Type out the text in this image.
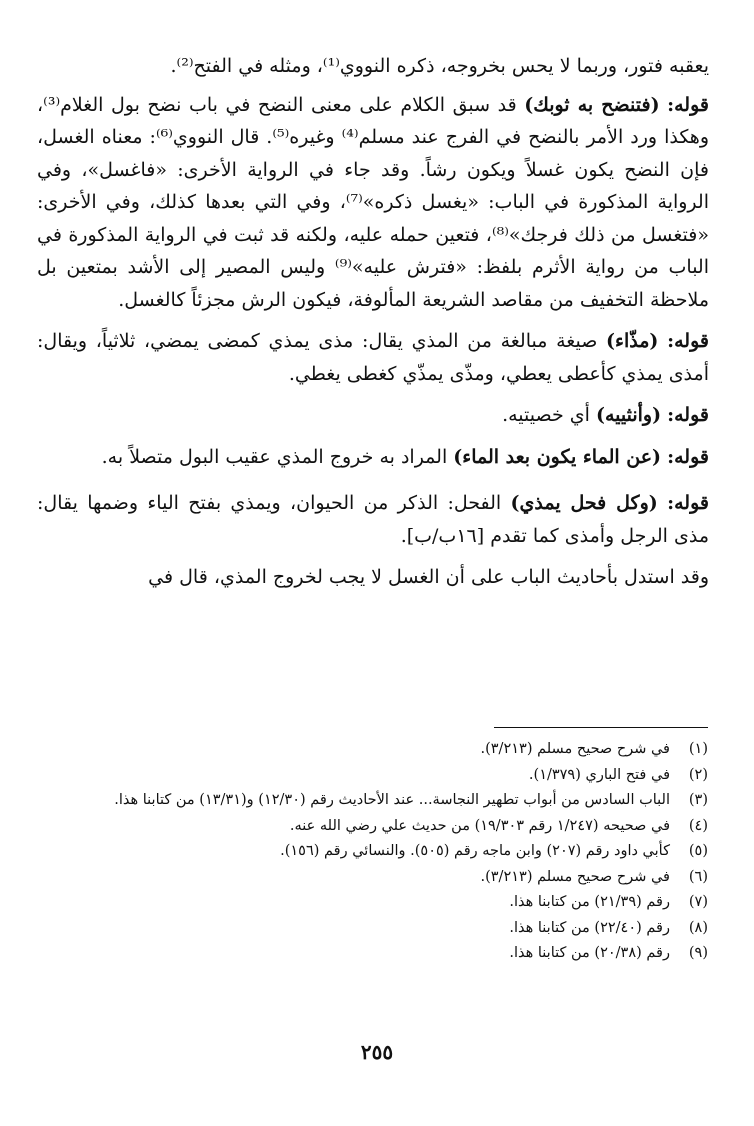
يعقبه فتور، وربما لا يحس بخروجه، ذكره النووي⁽¹⁾، ومثله في الفتح⁽²⁾.

قوله: (فتنضح به ثوبك) قد سبق الكلام على معنى النضح في باب نضح بول الغلام⁽³⁾، وهكذا ورد الأمر بالنضح في الفرج عند مسلم⁽⁴⁾ وغيره⁽⁵⁾. قال النووي⁽⁶⁾: معناه الغسل، فإن النضح يكون غسلاً ويكون رشاً. وقد جاء في الرواية الأخرى: «فاغسل»، وفي الرواية المذكورة في الباب: «يغسل ذكره»⁽⁷⁾، وفي التي بعدها كذلك، وفي الأخرى: «فتغسل من ذلك فرجك»⁽⁸⁾، فتعين حمله عليه، ولكنه قد ثبت في الرواية المذكورة في الباب من رواية الأثرم بلفظ: «فترش عليه»⁽⁹⁾ وليس المصير إلى الأشد بمتعين بل ملاحظة التخفيف من مقاصد الشريعة المألوفة، فيكون الرش مجزئاً كالغسل.

قوله: (مذّاء) صيغة مبالغة من المذي يقال: مذى يمذي كمضى يمضي، ثلاثياً، ويقال: أمذى يمذي كأعطى يعطي، ومذّى يمذّي كغطى يغطي.

قوله: (وأنثييه) أي خصيتيه.

قوله: (عن الماء يكون بعد الماء) المراد به خروج المذي عقيب البول متصلاً به.

قوله: (وكل فحل يمذي) الفحل: الذكر من الحيوان، ويمذي بفتح الياء وضمها يقال: مذى الرجل وأمذى كما تقدم [١٦ب/ب].

وقد استدل بأحاديث الباب على أن الغسل لا يجب لخروج المذي، قال في

(١)
في شرح صحيح مسلم (٣/٢١٣).
(٢)
في فتح الباري (١/٣٧٩).
(٣)
الباب السادس من أبواب تطهير النجاسة... عند الأحاديث رقم (١٢/٣٠) و(١٣/٣١) من كتابنا هذا.
(٤)
في صحيحه (١/٢٤٧ رقم ١٩/٣٠٣) من حديث علي رضي الله عنه.
(٥)
كأبي داود رقم (٢٠٧) وابن ماجه رقم (٥٠٥). والنسائي رقم (١٥٦).
(٦)
في شرح صحيح مسلم (٣/٢١٣).
(٧)
رقم (٢١/٣٩) من كتابنا هذا.
(٨)
رقم (٢٢/٤٠) من كتابنا هذا.
(٩)
رقم (٢٠/٣٨) من كتابنا هذا.
٢٥٥
